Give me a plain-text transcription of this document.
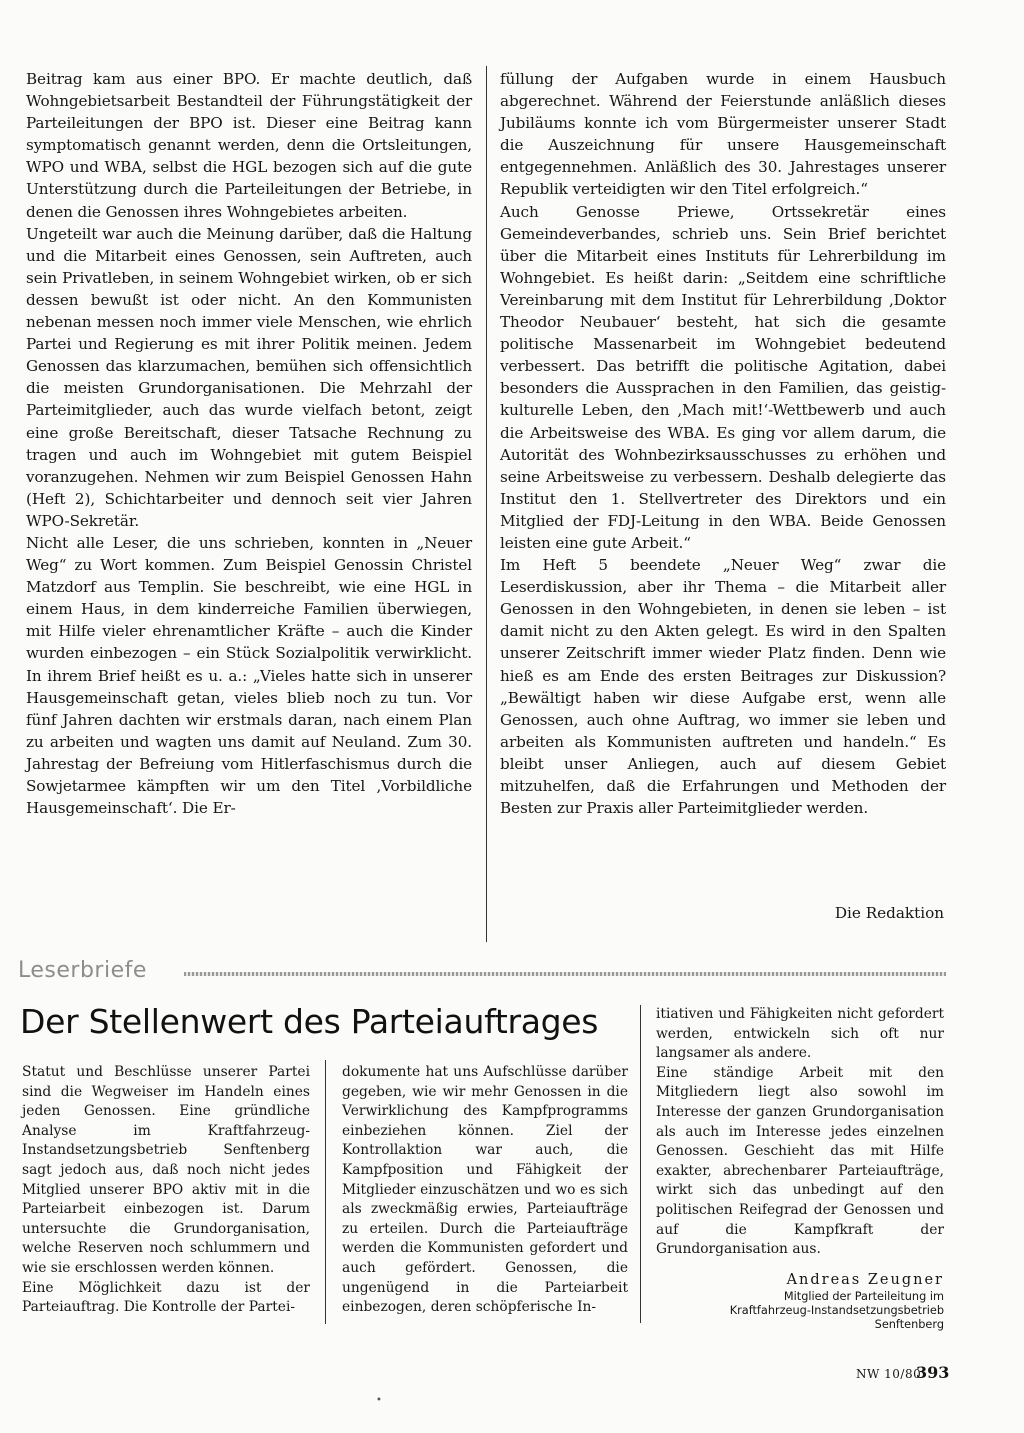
Beitrag kam aus einer BPO. Er machte deutlich, daß Wohngebietsarbeit Bestandteil der Führungstätigkeit der Parteileitungen der BPO ist. Dieser eine Beitrag kann symptomatisch genannt werden, denn die Ortsleitungen, WPO und WBA, selbst die HGL bezogen sich auf die gute Unterstützung durch die Parteileitungen der Betriebe, in denen die Genossen ihres Wohngebietes arbeiten.

Ungeteilt war auch die Meinung darüber, daß die Haltung und die Mitarbeit eines Genossen, sein Auftreten, auch sein Privatleben, in seinem Wohngebiet wirken, ob er sich dessen bewußt ist oder nicht. An den Kommunisten nebenan messen noch immer viele Menschen, wie ehrlich Partei und Regierung es mit ihrer Politik meinen. Jedem Genossen das klarzumachen, bemühen sich offensichtlich die meisten Grundorganisationen. Die Mehrzahl der Parteimitglieder, auch das wurde vielfach betont, zeigt eine große Bereitschaft, dieser Tatsache Rechnung zu tragen und auch im Wohngebiet mit gutem Beispiel voranzugehen. Nehmen wir zum Beispiel Genossen Hahn (Heft 2), Schichtarbeiter und dennoch seit vier Jahren WPO-Sekretär.

Nicht alle Leser, die uns schrieben, konnten in „Neuer Weg“ zu Wort kommen. Zum Beispiel Genossin Christel Matzdorf aus Templin. Sie beschreibt, wie eine HGL in einem Haus, in dem kinderreiche Familien überwiegen, mit Hilfe vieler ehrenamtlicher Kräfte – auch die Kinder wurden einbezogen – ein Stück Sozialpolitik verwirklicht. In ihrem Brief heißt es u. a.: „Vieles hatte sich in unserer Hausgemeinschaft getan, vieles blieb noch zu tun. Vor fünf Jahren dachten wir erstmals daran, nach einem Plan zu arbeiten und wagten uns damit auf Neuland. Zum 30. Jahrestag der Befreiung vom Hitlerfaschismus durch die Sowjetarmee kämpften wir um den Titel ‚Vorbildliche Hausgemeinschaft‘. Die Er-

füllung der Aufgaben wurde in einem Hausbuch abgerechnet. Während der Feierstunde anläßlich dieses Jubiläums konnte ich vom Bürgermeister unserer Stadt die Auszeichnung für unsere Hausgemeinschaft entgegennehmen. Anläßlich des 30. Jahrestages unserer Republik verteidigten wir den Titel erfolgreich.“

Auch Genosse Priewe, Ortssekretär eines Gemeindeverbandes, schrieb uns. Sein Brief berichtet über die Mitarbeit eines Instituts für Lehrerbildung im Wohngebiet. Es heißt darin: „Seitdem eine schriftliche Vereinbarung mit dem Institut für Lehrerbildung ‚Doktor Theodor Neubauer‘ besteht, hat sich die gesamte politische Massenarbeit im Wohngebiet bedeutend verbessert. Das betrifft die politische Agitation, dabei besonders die Aussprachen in den Familien, das geistig-kulturelle Leben, den ‚Mach mit!‘-Wettbewerb und auch die Arbeitsweise des WBA. Es ging vor allem darum, die Autorität des Wohnbezirksausschusses zu erhöhen und seine Arbeitsweise zu verbessern. Deshalb delegierte das Institut den 1. Stellvertreter des Direktors und ein Mitglied der FDJ-Leitung in den WBA. Beide Genossen leisten eine gute Arbeit.“

Im Heft 5 beendete „Neuer Weg“ zwar die Leserdiskussion, aber ihr Thema – die Mitarbeit aller Genossen in den Wohngebieten, in denen sie leben – ist damit nicht zu den Akten gelegt. Es wird in den Spalten unserer Zeitschrift immer wieder Platz finden. Denn wie hieß es am Ende des ersten Beitrages zur Diskussion? „Bewältigt haben wir diese Aufgabe erst, wenn alle Genossen, auch ohne Auftrag, wo immer sie leben und arbeiten als Kommunisten auftreten und handeln.“ Es bleibt unser Anliegen, auch auf diesem Gebiet mitzuhelfen, daß die Erfahrungen und Methoden der Besten zur Praxis aller Parteimitglieder werden.

Die Redaktion
Leserbriefe
Der Stellenwert des Parteiauftrages

Statut und Beschlüsse unserer Partei sind die Wegweiser im Handeln eines jeden Genossen. Eine gründliche Analyse im Kraftfahrzeug-Instandsetzungsbetrieb Senftenberg sagt jedoch aus, daß noch nicht jedes Mitglied unserer BPO aktiv mit in die Parteiarbeit einbezogen ist. Darum untersuchte die Grundorganisation, welche Reserven noch schlummern und wie sie erschlossen werden können.

Eine Möglichkeit dazu ist der Parteiauftrag. Die Kontrolle der Partei-

dokumente hat uns Aufschlüsse darüber gegeben, wie wir mehr Genossen in die Verwirklichung des Kampfprogramms einbeziehen können. Ziel der Kontrollaktion war auch, die Kampfposition und Fähigkeit der Mitglieder einzuschätzen und wo es sich als zweckmäßig erwies, Parteiaufträge zu erteilen. Durch die Parteiaufträge werden die Kommunisten gefordert und auch gefördert. Genossen, die ungenügend in die Parteiarbeit einbezogen, deren schöpferische In-

itiativen und Fähigkeiten nicht gefordert werden, entwickeln sich oft nur langsamer als andere.

Eine ständige Arbeit mit den Mitgliedern liegt also sowohl im Interesse der ganzen Grundorganisation als auch im Interesse jedes einzelnen Genossen. Geschieht das mit Hilfe exakter, abrechenbarer Parteiaufträge, wirkt sich das unbedingt auf den politischen Reifegrad der Genossen und auf die Kampfkraft der Grundorganisation aus.

Andreas Zeugner
Mitglied der Parteileitung im
Kraftfahrzeug-Instandsetzungsbetrieb
Senftenberg
NW 10/80
393
•
